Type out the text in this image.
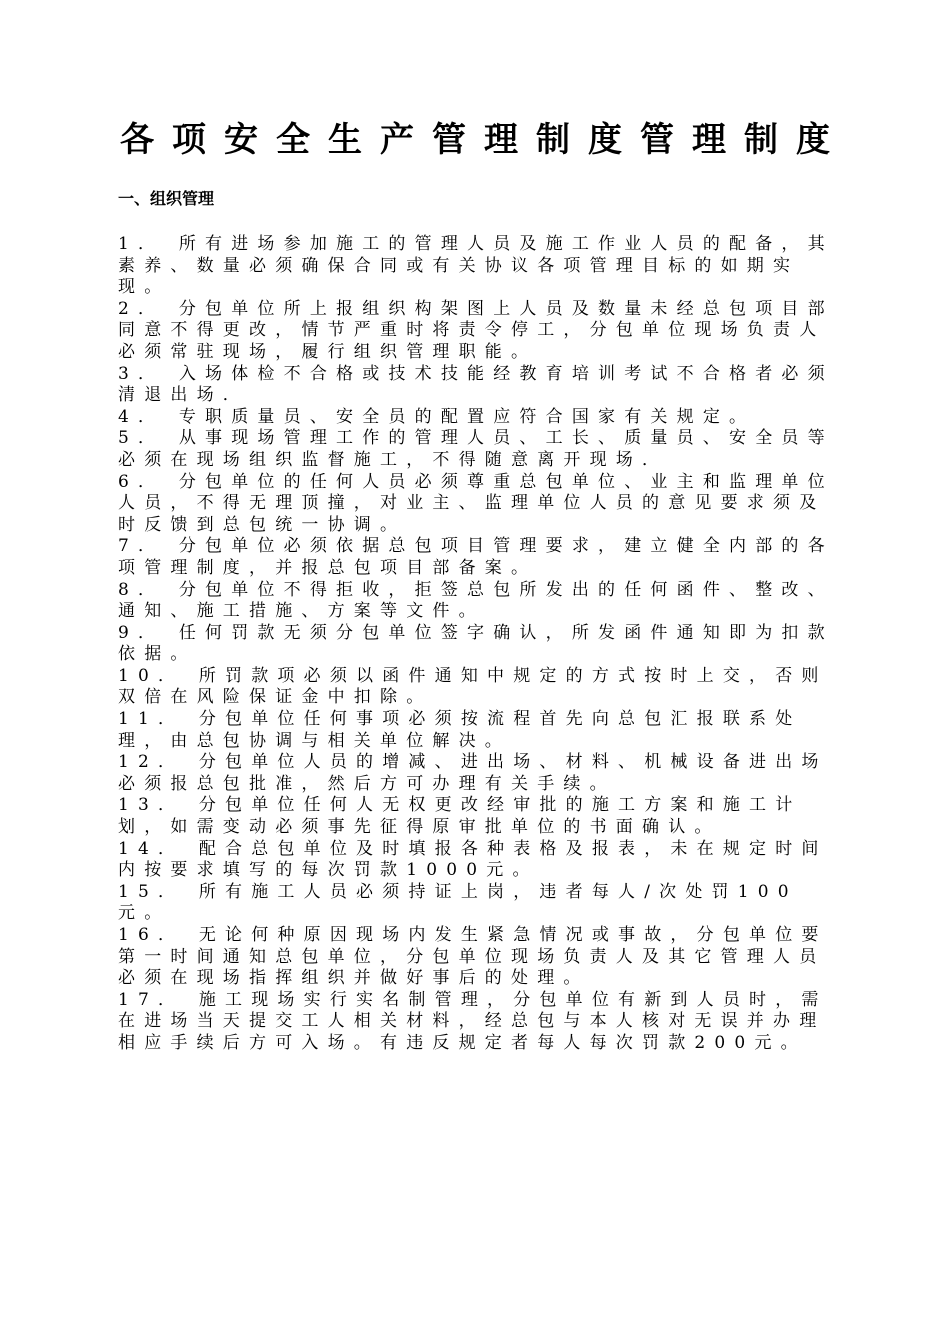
各项安全生产管理制度管理制度
一、组织管理
1． 所有进场参加施工的管理人员及施工作业人员的配备，其素养、数量必须确保合同或有关协议各项管理目标的如期实现。
2． 分包单位所上报组织构架图上人员及数量未经总包项目部同意不得更改，情节严重时将责令停工，分包单位现场负责人必须常驻现场，履行组织管理职能。
3． 入场体检不合格或技术技能经教育培训考试不合格者必须清退出场．
4． 专职质量员、安全员的配置应符合国家有关规定。
5． 从事现场管理工作的管理人员、工长、质量员、安全员等必须在现场组织监督施工，不得随意离开现场．
6． 分包单位的任何人员必须尊重总包单位、业主和监理单位人员，不得无理顶撞，对业主、监理单位人员的意见要求须及时反馈到总包统一协调。
7． 分包单位必须依据总包项目管理要求，建立健全内部的各项管理制度，并报总包项目部备案。
8． 分包单位不得拒收，拒签总包所发出的任何函件、整改、通知、施工措施、方案等文件。
9． 任何罚款无须分包单位签字确认，所发函件通知即为扣款依据。
10． 所罚款项必须以函件通知中规定的方式按时上交，否则双倍在风险保证金中扣除。
11． 分包单位任何事项必须按流程首先向总包汇报联系处理，由总包协调与相关单位解决。
12． 分包单位人员的增减、进出场、材料、机械设备进出场必须报总包批准，然后方可办理有关手续。
13． 分包单位任何人无权更改经审批的施工方案和施工计划，如需变动必须事先征得原审批单位的书面确认。
14． 配合总包单位及时填报各种表格及报表，未在规定时间内按要求填写的每次罚款1000元。
15． 所有施工人员必须持证上岗，违者每人/次处罚100元。
16． 无论何种原因现场内发生紧急情况或事故，分包单位要第一时间通知总包单位，分包单位现场负责人及其它管理人员必须在现场指挥组织并做好事后的处理。
17． 施工现场实行实名制管理，分包单位有新到人员时，需在进场当天提交工人相关材料，经总包与本人核对无误并办理相应手续后方可入场。有违反规定者每人每次罚款200元。
